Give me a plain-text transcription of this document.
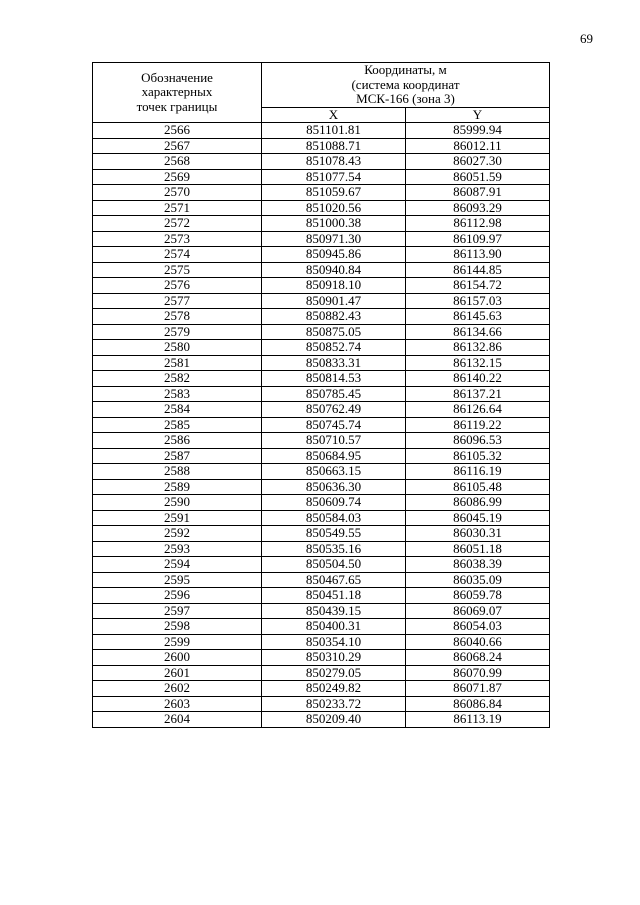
69
Обозначение
характерных
точек границы	Координаты, м
(система координат
МСК-166 (зона 3)	

	X	Y
2566	851101.81	85999.94
2567	851088.71	86012.11
2568	851078.43	86027.30
2569	851077.54	86051.59
2570	851059.67	86087.91
2571	851020.56	86093.29
2572	851000.38	86112.98
2573	850971.30	86109.97
2574	850945.86	86113.90
2575	850940.84	86144.85
2576	850918.10	86154.72
2577	850901.47	86157.03
2578	850882.43	86145.63
2579	850875.05	86134.66
2580	850852.74	86132.86
2581	850833.31	86132.15
2582	850814.53	86140.22
2583	850785.45	86137.21
2584	850762.49	86126.64
2585	850745.74	86119.22
2586	850710.57	86096.53
2587	850684.95	86105.32
2588	850663.15	86116.19
2589	850636.30	86105.48
2590	850609.74	86086.99
2591	850584.03	86045.19
2592	850549.55	86030.31
2593	850535.16	86051.18
2594	850504.50	86038.39
2595	850467.65	86035.09
2596	850451.18	86059.78
2597	850439.15	86069.07
2598	850400.31	86054.03
2599	850354.10	86040.66
2600	850310.29	86068.24
2601	850279.05	86070.99
2602	850249.82	86071.87
2603	850233.72	86086.84
2604	850209.40	86113.19
